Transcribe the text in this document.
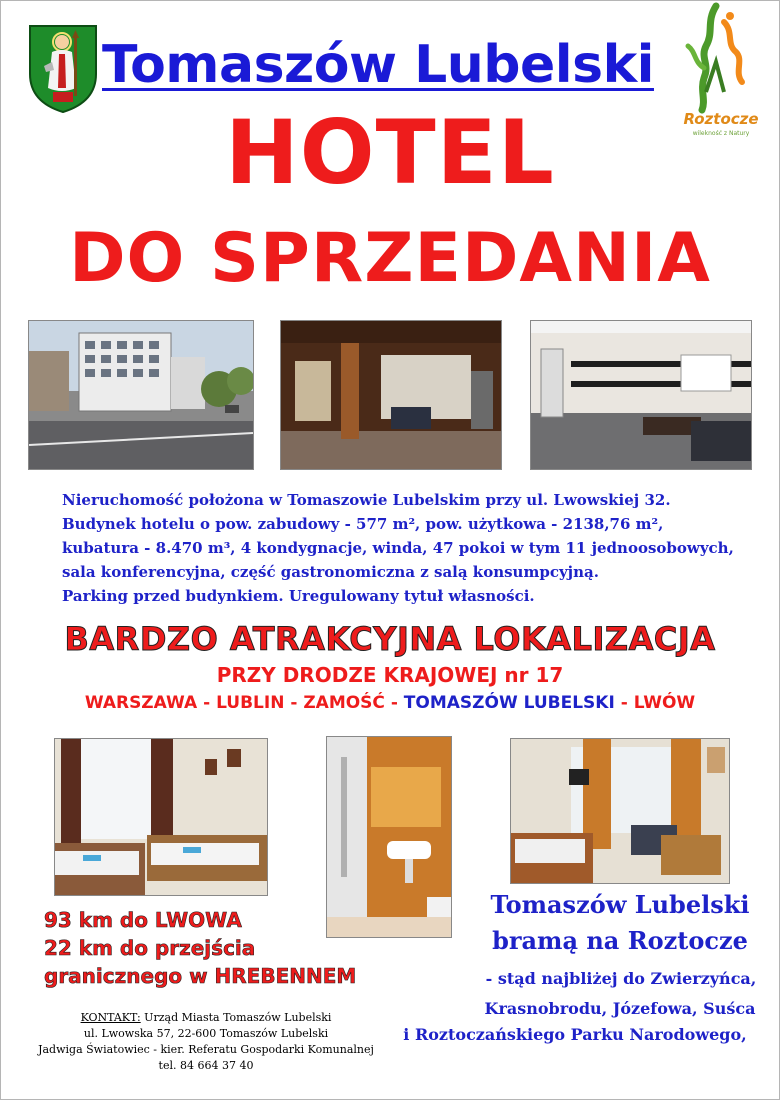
Tomaszów Lubelski
Roztocze
wilekność z Natury
HOTEL
DO SPRZEDANIA

Nieruchomość położona w Tomaszowie Lubelskim przy ul. Lwowskiej 32.

Budynek hotelu o pow. zabudowy - 577 m², pow. użytkowa - 2138,76 m²,

kubatura - 8.470 m³, 4 kondygnacje, winda, 47 pokoi w tym 11 jednoosobowych,

sala konferencyjna, część gastronomiczna z salą konsumpcyjną.

Parking przed budynkiem. Uregulowany tytuł własności.

BARDZO ATRAKCYJNA LOKALIZACJA
PRZY DRODZE KRAJOWEJ nr 17
WARSZAWA - LUBLIN - ZAMOŚĆ - TOMASZÓW LUBELSKI - LWÓW
93 km do LWOWA
22 km do przejścia
granicznego w HREBENNEM
KONTAKT: Urząd Miasta Tomaszów Lubelski
ul. Lwowska 57, 22-600 Tomaszów Lubelski
Jadwiga Światowiec - kier. Referatu Gospodarki Komunalnej
tel. 84 664 37 40
Tomaszów Lubelski
bramą na Roztocze
- stąd najbliżej do Zwierzyńca,
Krasnobrodu, Józefowa, Suśca
i Roztoczańskiego Parku Narodowego,
